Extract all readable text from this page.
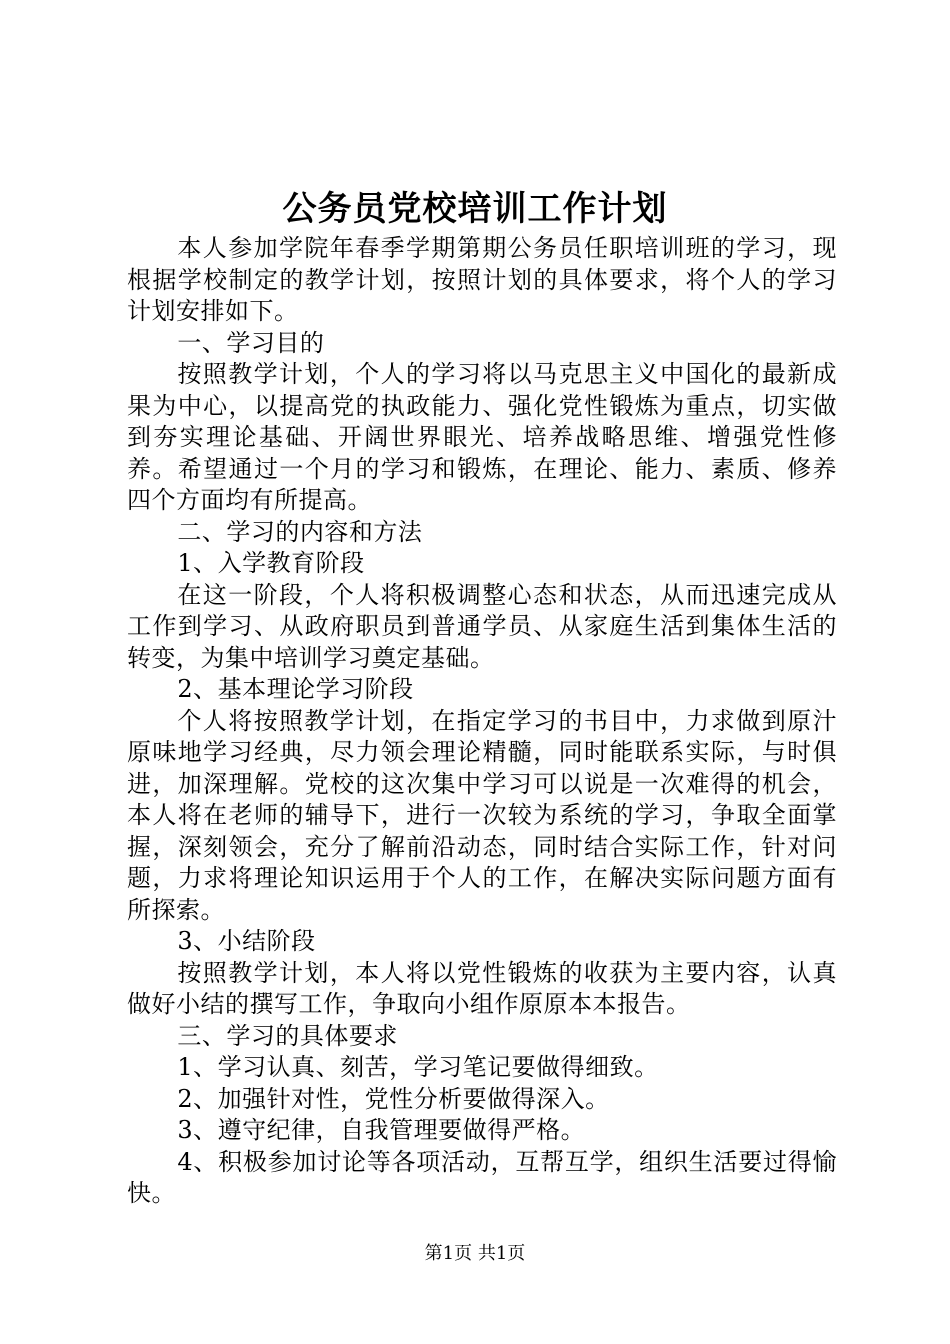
公务员党校培训工作计划

本人参加学院年春季学期第期公务员任职培训班的学习，现根据学校制定的教学计划，按照计划的具体要求，将个人的学习计划安排如下。

一、学习目的

按照教学计划，个人的学习将以马克思主义中国化的最新成果为中心，以提高党的执政能力、强化党性锻炼为重点，切实做到夯实理论基础、开阔世界眼光、培养战略思维、增强党性修养。希望通过一个月的学习和锻炼，在理论、能力、素质、修养四个方面均有所提高。

二、学习的内容和方法

1、入学教育阶段

在这一阶段，个人将积极调整心态和状态，从而迅速完成从工作到学习、从政府职员到普通学员、从家庭生活到集体生活的转变，为集中培训学习奠定基础。

2、基本理论学习阶段

个人将按照教学计划，在指定学习的书目中，力求做到原汁原味地学习经典，尽力领会理论精髓，同时能联系实际，与时俱进，加深理解。党校的这次集中学习可以说是一次难得的机会，本人将在老师的辅导下，进行一次较为系统的学习，争取全面掌握，深刻领会，充分了解前沿动态，同时结合实际工作，针对问题，力求将理论知识运用于个人的工作，在解决实际问题方面有所探索。

3、小结阶段

按照教学计划，本人将以党性锻炼的收获为主要内容，认真做好小结的撰写工作，争取向小组作原原本本报告。

三、学习的具体要求

1、学习认真、刻苦，学习笔记要做得细致。

2、加强针对性，党性分析要做得深入。

3、遵守纪律，自我管理要做得严格。

4、积极参加讨论等各项活动，互帮互学，组织生活要过得愉快。

第1页 共1页
